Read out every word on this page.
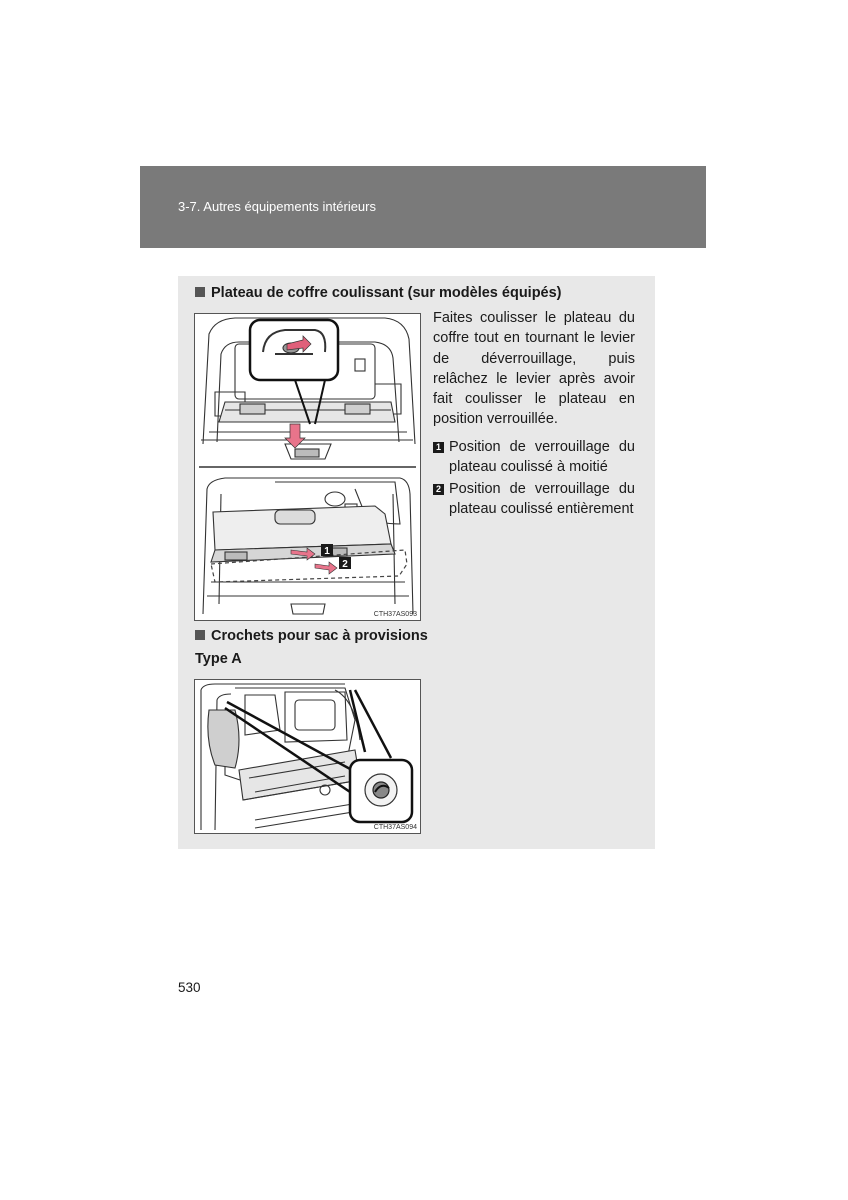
3-7. Autres équipements intérieurs
Plateau de coffre coulissant (sur modèles équipés)
1
2
CTH37AS093
Faites coulisser le plateau du coffre tout en tournant le levier de déverrouillage, puis relâchez le levier après avoir fait coulisser le plateau en position verrouillée.
1 Position de verrouillage du plateau coulissé à moitié
2 Position de verrouillage du plateau coulissé entièrement
Crochets pour sac à provisions
Type A
CTH37AS094
530
